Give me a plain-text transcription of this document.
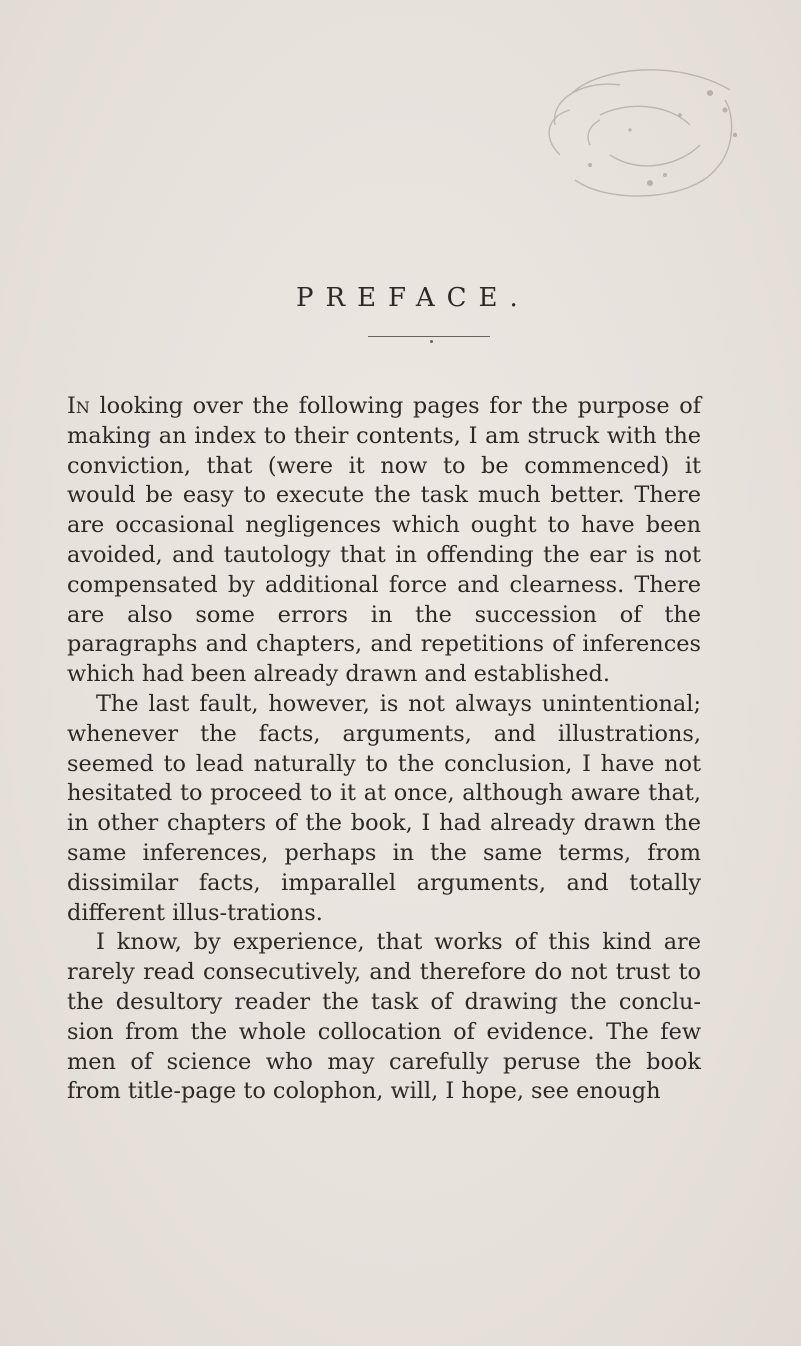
PREFACE.

In looking over the following pages for the purpose of making an index to their contents, I am struck with the conviction, that (were it now to be commenced) it would be easy to execute the task much better. There are occasional negligences which ought to have been avoided, and tautology that in offending the ear is not compensated by additional force and clearness. There are also some errors in the succession of the paragraphs and chapters, and repetitions of inferences which had been already drawn and established.

The last fault, however, is not always unintentional; whenever the facts, arguments, and illustrations, seemed to lead naturally to the conclusion, I have not hesitated to proceed to it at once, although aware that, in other chapters of the book, I had already drawn the same inferences, perhaps in the same terms, from dissimilar facts, imparallel arguments, and totally different illus-trations.

I know, by experience, that works of this kind are rarely read consecutively, and therefore do not trust to the desultory reader the task of drawing the conclu-sion from the whole collocation of evidence. The few men of science who may carefully peruse the book from title-page to colophon, will, I hope, see enough
